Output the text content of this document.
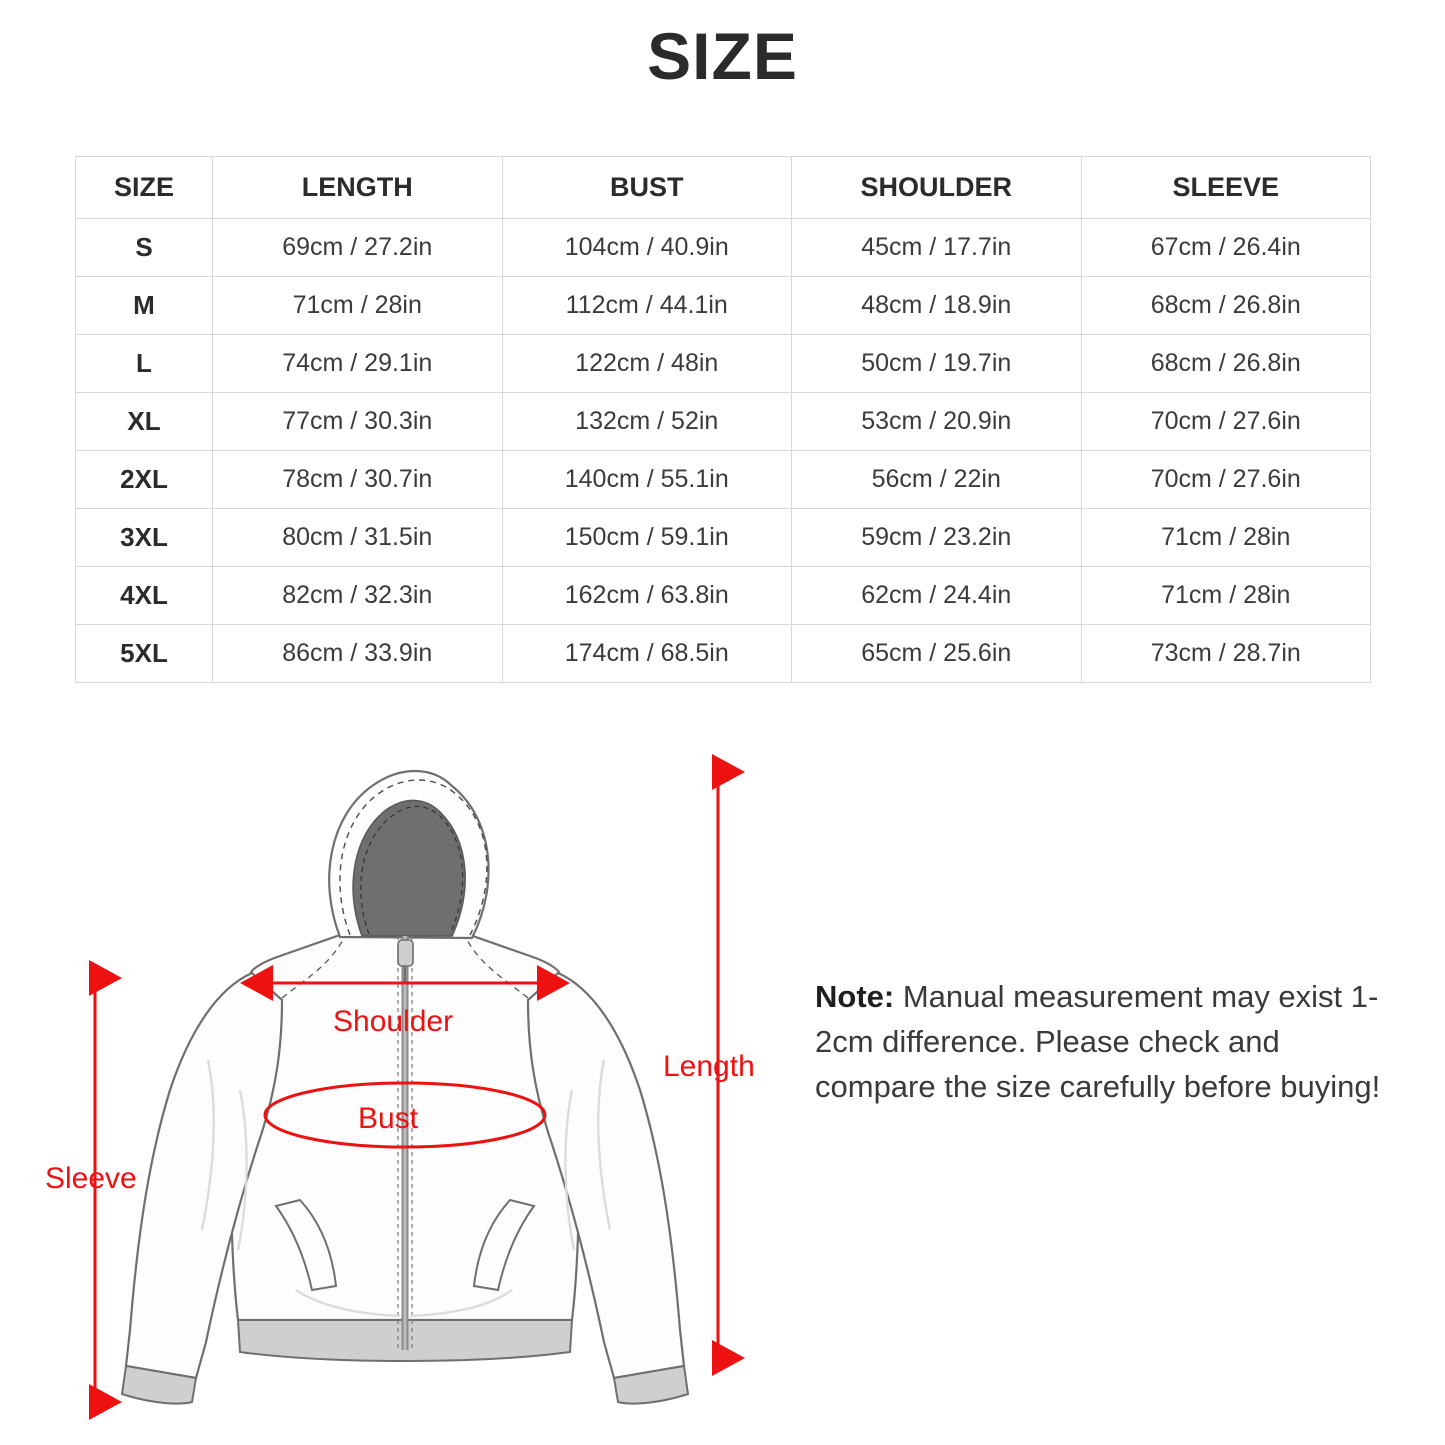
SIZE
SIZE	LENGTH	BUST	SHOULDER	SLEEVE
S	69cm / 27.2in	104cm / 40.9in	45cm / 17.7in	67cm / 26.4in
M	71cm / 28in	112cm / 44.1in	48cm / 18.9in	68cm / 26.8in
L	74cm / 29.1in	122cm / 48in	50cm / 19.7in	68cm / 26.8in
XL	77cm / 30.3in	132cm / 52in	53cm / 20.9in	70cm / 27.6in
2XL	78cm / 30.7in	140cm / 55.1in	56cm / 22in	70cm / 27.6in
3XL	80cm / 31.5in	150cm / 59.1in	59cm / 23.2in	71cm / 28in
4XL	82cm / 32.3in	162cm / 63.8in	62cm / 24.4in	71cm / 28in
5XL	86cm / 33.9in	174cm / 68.5in	65cm / 25.6in	73cm / 28.7in
Shoulder
Bust
Length
Sleeve
Note: Manual measurement may exist 1-2cm difference. Please check and compare the size carefully before buying!
